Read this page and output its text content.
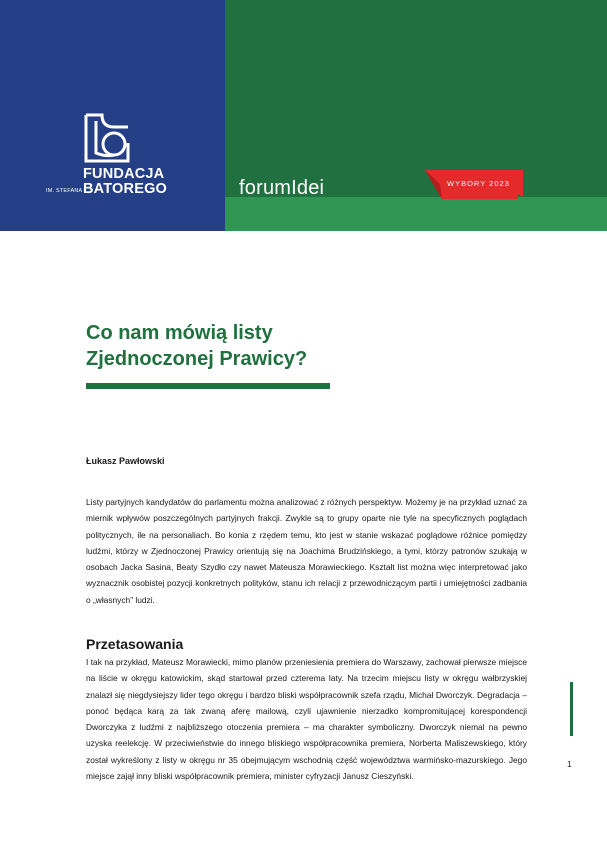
FUNDACJA
IM. STEFANA BATOREGO	forumIdei	WYBORY 2023
Co nam mówią listy
Zjednoczonej Prawicy?
Łukasz Pawłowski

Listy partyjnych kandydatów do parlamentu można analizować z różnych perspektyw. Możemy je na przykład uznać za miernik wpływów poszczególnych partyjnych frakcji. Zwykle są to grupy oparte nie tyle na specyficznych poglądach politycznych, ile na personaliach. Bo konia z rzędem temu, kto jest w stanie wskazać poglądowe różnice pomiędzy ludźmi, którzy w Zjednoczonej Prawicy orientują się na Joachima Brudzińskiego, a tymi, którzy patronów szukają w osobach Jacka Sasina, Beaty Szydło czy nawet Mateusza Morawieckiego. Kształt list można więc interpretować jako wyznacznik osobistej pozycji konkretnych polityków, stanu ich relacji z przewodniczącym partii i umiejętności zadbania o „własnych” ludzi.

Przetasowania

I tak na przykład, Mateusz Morawiecki, mimo planów przeniesienia premiera do Warszawy, zachował pierwsze miejsce na liście w okręgu katowickim, skąd startował przed czterema laty. Na trzecim miejscu listy w okręgu wałbrzyskiej znalazł się niegdysiejszy lider tego okręgu i bardzo bliski współpracownik szefa rządu, Michał Dworczyk. Degradacja – ponoć będąca karą za tak zwaną aferę mailową, czyli ujawnienie nierzadko kompromitującej korespondencji Dworczyka z ludźmi z najbliższego otoczenia premiera – ma charakter symboliczny. Dworczyk niemal na pewno uzyska reelekcję. W przeciwieństwie do innego bliskiego współpracownika premiera, Norberta Maliszewskiego, który został wykreślony z listy w okręgu nr 35 obejmującym wschodnią część województwa warmińsko-mazurskiego. Jego miejsce zajął inny bliski współpracownik premiera, minister cyfryzacji Janusz Cieszyński.

1
